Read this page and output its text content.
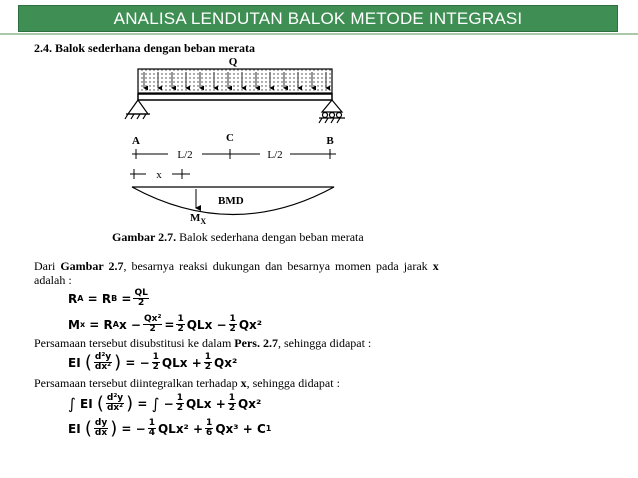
ANALISA LENDUTAN BALOK METODE INTEGRASI
2.4. Balok sederhana dengan beban merata
Q
A	C	B
L/2	L/2
x
BMD
$M_X$
Gambar 2.7. Balok sederhana dengan beban merata
Dari Gambar 2.7, besarnya reaksi dukungan dan besarnya momen pada jarak x
adalah :
R A = R $B = \frac{QL}{2}$
M x = R A $x - \frac{\text{Qx²}}{2} = \frac{1}{2}$ QLx − $\frac{1}{2} Qx^2$
Persamaan tersebut disubstitusi ke dalam Pers. 2.7, sehingga didapat :
EI
( $\frac{\text{d²y}}{\text{dx²}}$ ) = − $\frac{1}{2}$ QLx + $\frac{1}{2} Qx^2$
Persamaan tersebut diintegralkan terhadap x, sehingga didapat :
∫
EI
( $\frac{\text{d²y}}{\text{dx²}}$ ) = ∫ − $\frac{1}{2}$ QLx + $\frac{1}{2} Qx^2$
EI
( $\frac{dy}{dx}$ ) = − $\frac{1}{4} QLx^2 + \frac{1}{6} Qx^3 + C$ 1
